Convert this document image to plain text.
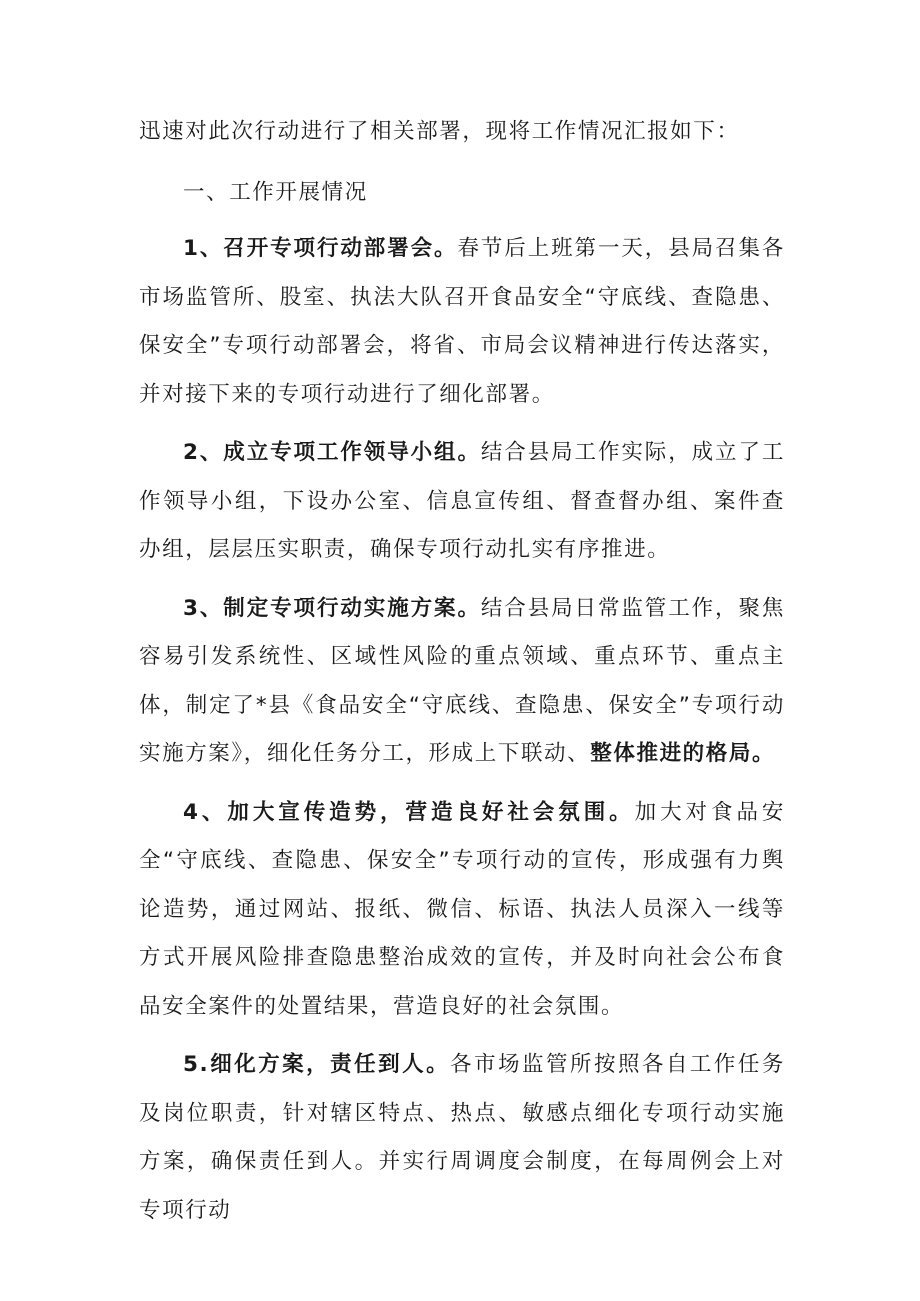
迅速对此次行动进行了相关部署，现将工作情况汇报如下：

一、工作开展情况

1、召开专项行动部署会。春节后上班第一天，县局召集各市场监管所、股室、执法大队召开食品安全“守底线、查隐患、保安全”专项行动部署会，将省、市局会议精神进行传达落实，并对接下来的专项行动进行了细化部署。

2、成立专项工作领导小组。结合县局工作实际，成立了工作领导小组，下设办公室、信息宣传组、督查督办组、案件查办组，层层压实职责，确保专项行动扎实有序推进。

3、制定专项行动实施方案。结合县局日常监管工作，聚焦容易引发系统性、区域性风险的重点领域、重点环节、重点主体，制定了*县《食品安全“守底线、查隐患、保安全”专项行动实施方案》，细化任务分工，形成上下联动、整体推进的格局。

4、加大宣传造势，营造良好社会氛围。加大对食品安全“守底线、查隐患、保安全”专项行动的宣传，形成强有力舆论造势，通过网站、报纸、微信、标语、执法人员深入一线等方式开展风险排查隐患整治成效的宣传，并及时向社会公布食品安全案件的处置结果，营造良好的社会氛围。

5.细化方案，责任到人。各市场监管所按照各自工作任务及岗位职责，针对辖区特点、热点、敏感点细化专项行动实施方案，确保责任到人。并实行周调度会制度，在每周例会上对专项行动
